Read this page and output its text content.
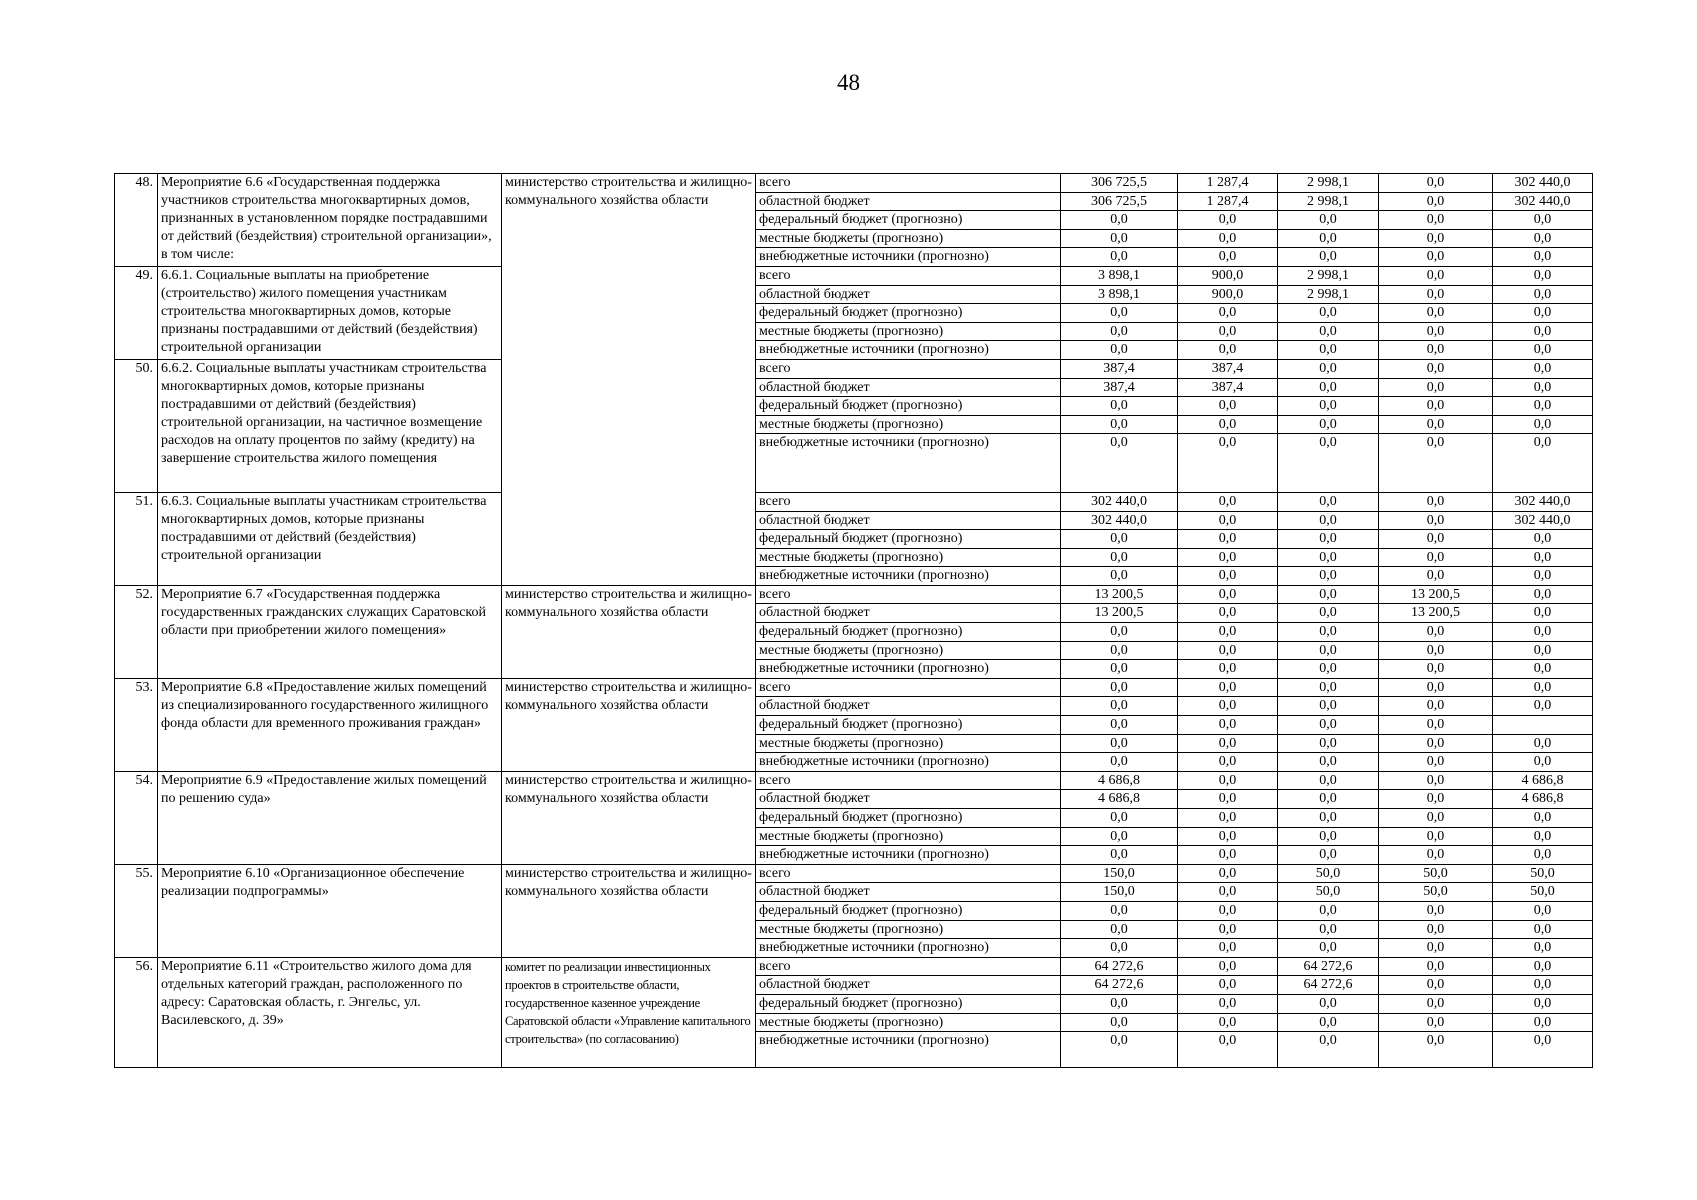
48
48.	Мероприятие 6.6 «Государственная поддержка участников строительства многоквартирных домов, признанных в установленном порядке пострадавшими от действий (бездействия) строительной организации», в том числе:	министерство строительства и жилищно-коммунального хозяйства области	всего	306 725,5	1 287,4	2 998,1	0,0	302 440,0
			областной бюджет	306 725,5	1 287,4	2 998,1	0,0	302 440,0
			федеральный бюджет (прогнозно)	0,0	0,0	0,0	0,0	0,0
			местные бюджеты (прогнозно)	0,0	0,0	0,0	0,0	0,0
			внебюджетные источники (прогнозно)	0,0	0,0	0,0	0,0	0,0
49.	6.6.1. Социальные выплаты на приобретение (строительство) жилого помещения участникам строительства многоквартирных домов, которые признаны пострадавшими от действий (бездействия) строительной организации		всего	3 898,1	900,0	2 998,1	0,0	0,0
			областной бюджет	3 898,1	900,0	2 998,1	0,0	0,0
			федеральный бюджет (прогнозно)	0,0	0,0	0,0	0,0	0,0
			местные бюджеты (прогнозно)	0,0	0,0	0,0	0,0	0,0
			внебюджетные источники (прогнозно)	0,0	0,0	0,0	0,0	0,0
50.	6.6.2. Социальные выплаты участникам строительства многоквартирных домов, которые признаны пострадавшими от действий (бездействия) строительной организации, на частичное возмещение расходов на оплату процентов по займу (кредиту) на завершение строительства жилого помещения		всего	387,4	387,4	0,0	0,0	0,0
			областной бюджет	387,4	387,4	0,0	0,0	0,0
			федеральный бюджет (прогнозно)	0,0	0,0	0,0	0,0	0,0
			местные бюджеты (прогнозно)	0,0	0,0	0,0	0,0	0,0
			внебюджетные источники (прогнозно)	0,0	0,0	0,0	0,0	0,0
51.	6.6.3. Социальные выплаты участникам строительства многоквартирных домов, которые признаны пострадавшими от действий (бездействия) строительной организации		всего	302 440,0	0,0	0,0	0,0	302 440,0
			областной бюджет	302 440,0	0,0	0,0	0,0	302 440,0
			федеральный бюджет (прогнозно)	0,0	0,0	0,0	0,0	0,0
			местные бюджеты (прогнозно)	0,0	0,0	0,0	0,0	0,0
			внебюджетные источники (прогнозно)	0,0	0,0	0,0	0,0	0,0
52.	Мероприятие 6.7 «Государственная поддержка государственных гражданских служащих Саратовской области при приобретении жилого помещения»	министерство строительства и жилищно-коммунального хозяйства области	всего	13 200,5	0,0	0,0	13 200,5	0,0
			областной бюджет	13 200,5	0,0	0,0	13 200,5	0,0
			федеральный бюджет (прогнозно)	0,0	0,0	0,0	0,0	0,0
			местные бюджеты (прогнозно)	0,0	0,0	0,0	0,0	0,0
			внебюджетные источники (прогнозно)	0,0	0,0	0,0	0,0	0,0
53.	Мероприятие 6.8 «Предоставление жилых помещений из специализированного государственного жилищного фонда области для временного проживания граждан»	министерство строительства и жилищно-коммунального хозяйства области	всего	0,0	0,0	0,0	0,0	0,0
			областной бюджет	0,0	0,0	0,0	0,0	0,0
			федеральный бюджет (прогнозно)	0,0	0,0	0,0	0,0	
			местные бюджеты (прогнозно)	0,0	0,0	0,0	0,0	0,0
			внебюджетные источники (прогнозно)	0,0	0,0	0,0	0,0	0,0
54.	Мероприятие 6.9 «Предоставление жилых помещений по решению суда»	министерство строительства и жилищно-коммунального хозяйства области	всего	4 686,8	0,0	0,0	0,0	4 686,8
			областной бюджет	4 686,8	0,0	0,0	0,0	4 686,8
			федеральный бюджет (прогнозно)	0,0	0,0	0,0	0,0	0,0
			местные бюджеты (прогнозно)	0,0	0,0	0,0	0,0	0,0
			внебюджетные источники (прогнозно)	0,0	0,0	0,0	0,0	0,0
55.	Мероприятие 6.10 «Организационное обеспечение реализации подпрограммы»	министерство строительства и жилищно-коммунального хозяйства области	всего	150,0	0,0	50,0	50,0	50,0
			областной бюджет	150,0	0,0	50,0	50,0	50,0
			федеральный бюджет (прогнозно)	0,0	0,0	0,0	0,0	0,0
			местные бюджеты (прогнозно)	0,0	0,0	0,0	0,0	0,0
			внебюджетные источники (прогнозно)	0,0	0,0	0,0	0,0	0,0
56.	Мероприятие 6.11 «Строительство жилого дома для отдельных категорий граждан, расположенного по адресу: Саратовская область, г. Энгельс, ул. Василевского, д. 39»	комитет по реализации инвестиционных проектов в строительстве области, государственное казенное учреждение Саратовской области «Управление капитального строительства» (по согласованию)	всего	64 272,6	0,0	64 272,6	0,0	0,0
			областной бюджет	64 272,6	0,0	64 272,6	0,0	0,0
			федеральный бюджет (прогнозно)	0,0	0,0	0,0	0,0	0,0
			местные бюджеты (прогнозно)	0,0	0,0	0,0	0,0	0,0
			внебюджетные источники (прогнозно)	0,0	0,0	0,0	0,0	0,0
